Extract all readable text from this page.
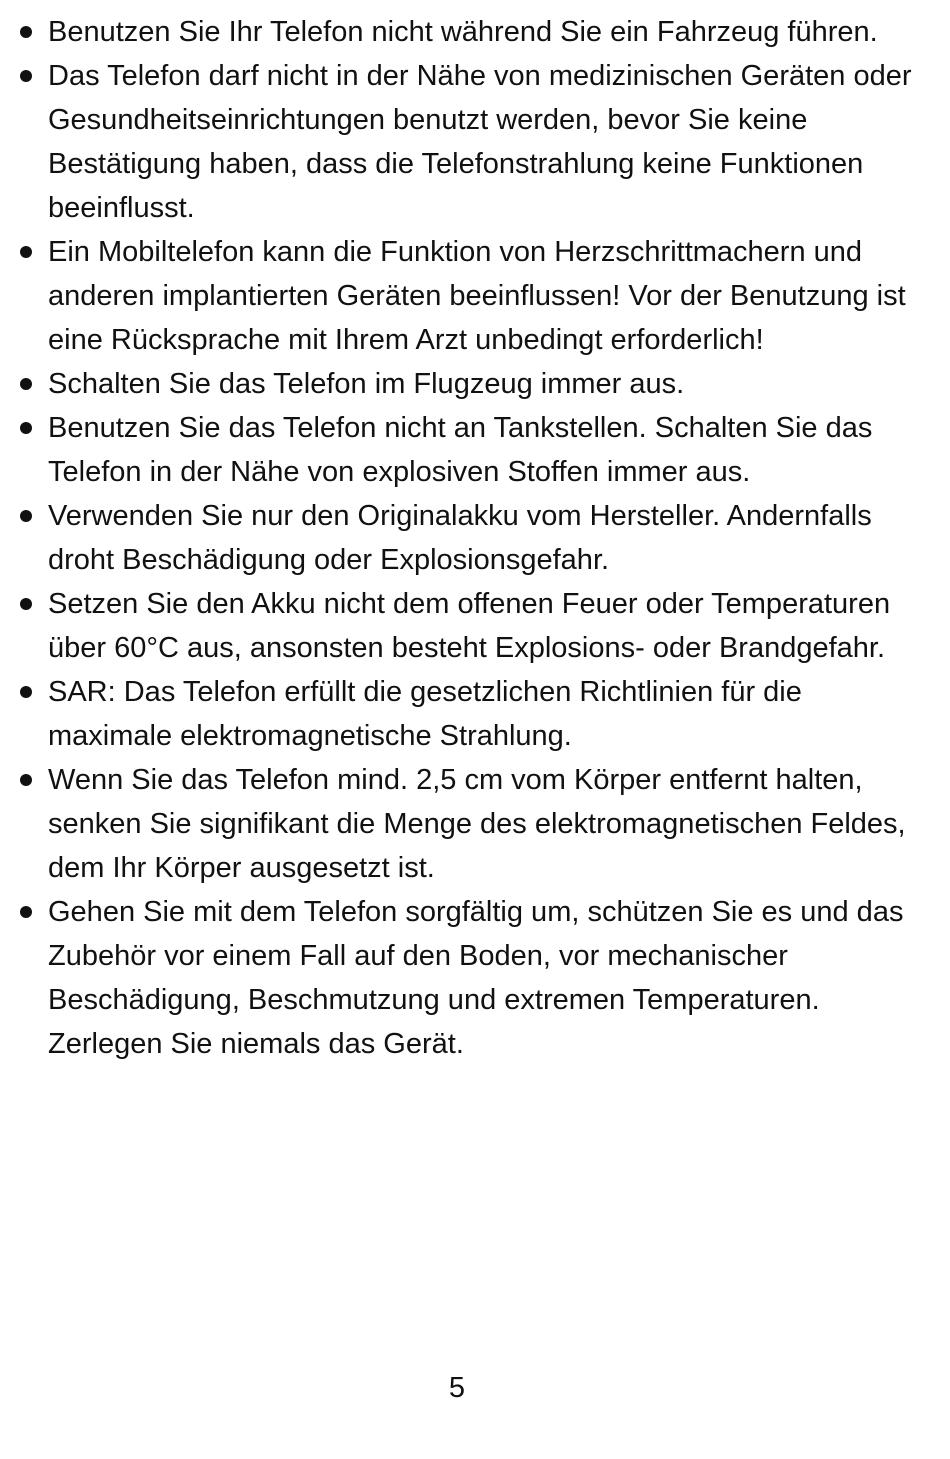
Benutzen Sie Ihr Telefon nicht während Sie ein Fahrzeug führen.
Das Telefon darf nicht in der Nähe von medizinischen Geräten oder Gesundheitseinrichtungen benutzt werden, bevor Sie keine Bestätigung haben, dass die Telefonstrahlung keine Funktionen beeinflusst.
Ein Mobiltelefon kann die Funktion von Herzschrittmachern und anderen implantierten Geräten beeinflussen! Vor der Benutzung ist eine Rücksprache mit Ihrem Arzt unbedingt erforderlich!
Schalten Sie das Telefon im Flugzeug immer aus.
Benutzen Sie das Telefon nicht an Tankstellen. Schalten Sie das Telefon in der Nähe von explosiven Stoffen immer aus.
Verwenden Sie nur den Originalakku vom Hersteller. Andernfalls droht Beschädigung oder Explosionsgefahr.
Setzen Sie den Akku nicht dem offenen Feuer oder Temperaturen über 60°C aus, ansonsten besteht Explosions- oder Brandgefahr.
SAR: Das Telefon erfüllt die gesetzlichen Richtlinien für die maximale elektromagnetische Strahlung.
Wenn Sie das Telefon mind. 2,5 cm vom Körper entfernt halten, senken Sie signifikant die Menge des elektromagnetischen Feldes, dem Ihr Körper ausgesetzt ist.
Gehen Sie mit dem Telefon sorgfältig um, schützen Sie es und das Zubehör vor einem Fall auf den Boden, vor mechanischer Beschädigung, Beschmutzung und extremen Temperaturen. Zerlegen Sie niemals das Gerät.
5
